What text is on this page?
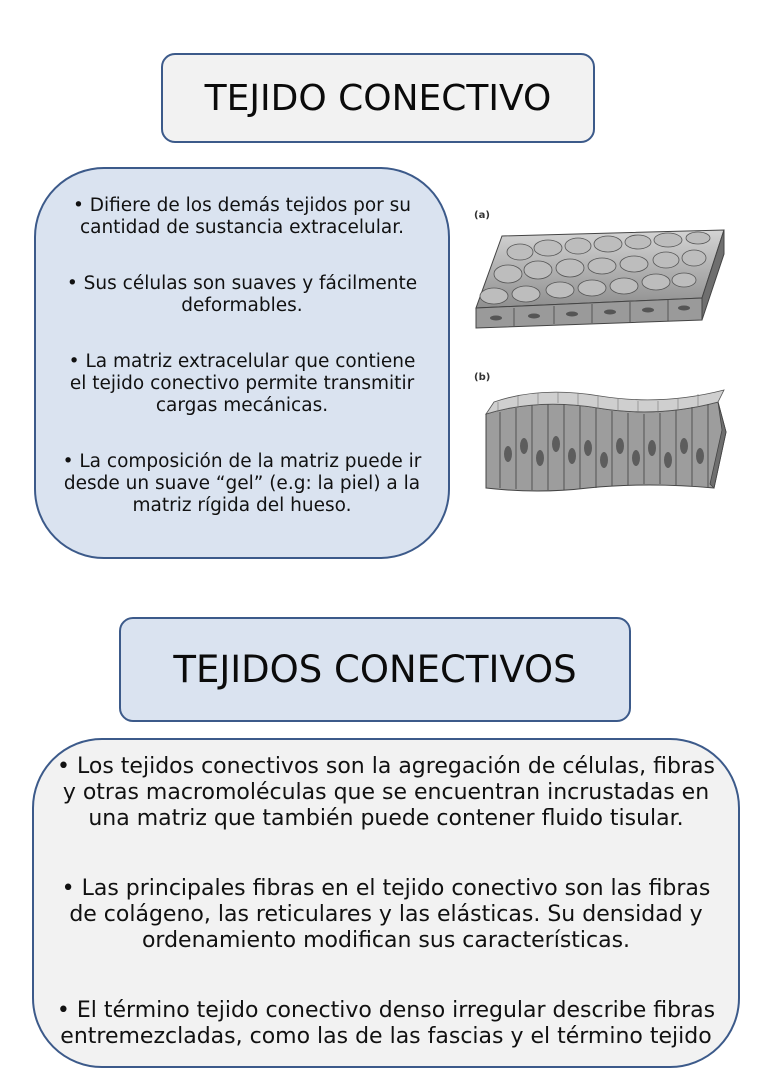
TEJIDO CONECTIVO

• Difiere de los demás tejidos por su cantidad de sustancia extracelular.

• Sus células son suaves y fácilmente deformables.

• La matriz extracelular que contiene el tejido conectivo permite transmitir cargas mecánicas.

• La composición de la matriz puede ir desde un suave “gel” (e.g: la piel) a la matriz rígida del hueso.

(a)
(b)
TEJIDOS CONECTIVOS

• Los tejidos conectivos son la agregación de células, fibras y otras macromoléculas que se encuentran incrustadas en una matriz que también puede contener fluido tisular.

• Las principales fibras en el tejido conectivo son las fibras de colágeno, las reticulares y las elásticas. Su densidad y ordenamiento modifican sus características.

• El término tejido conectivo denso irregular describe fibras entremezcladas, como las de las fascias y el término tejido
